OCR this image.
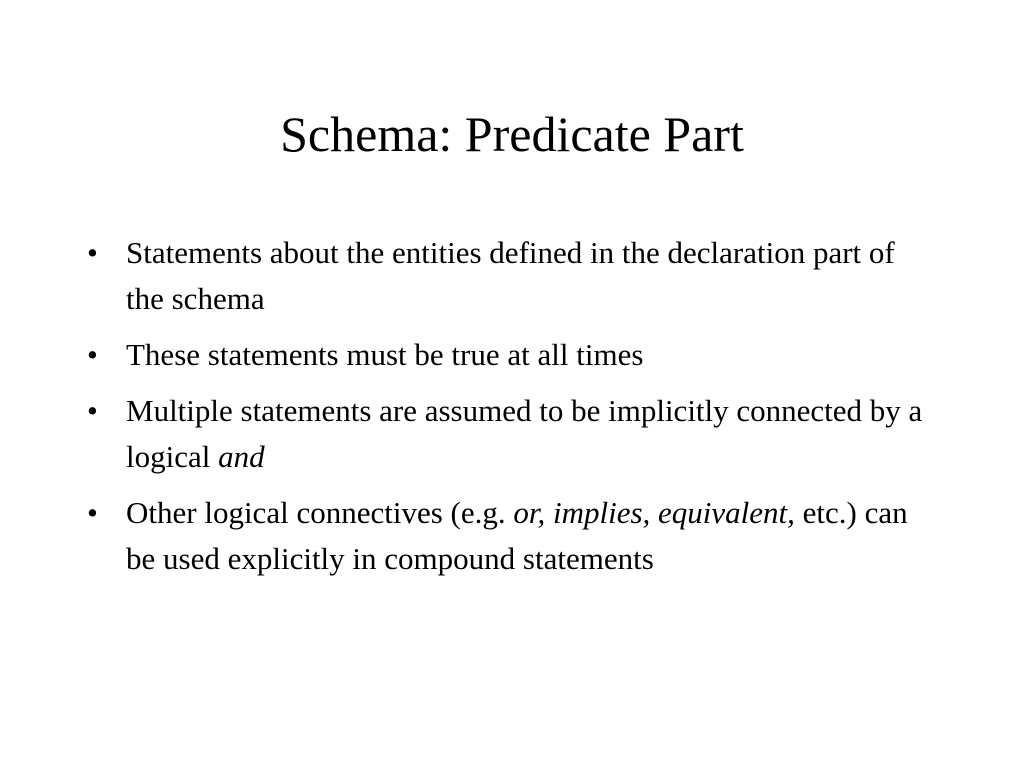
Schema: Predicate Part
• Statements about the entities defined in the declaration part of the schema
• These statements must be true at all times
• Multiple statements are assumed to be implicitly connected by a logical and
• Other logical connectives (e.g. or, implies, equivalent, etc.) can be used explicitly in compound statements
